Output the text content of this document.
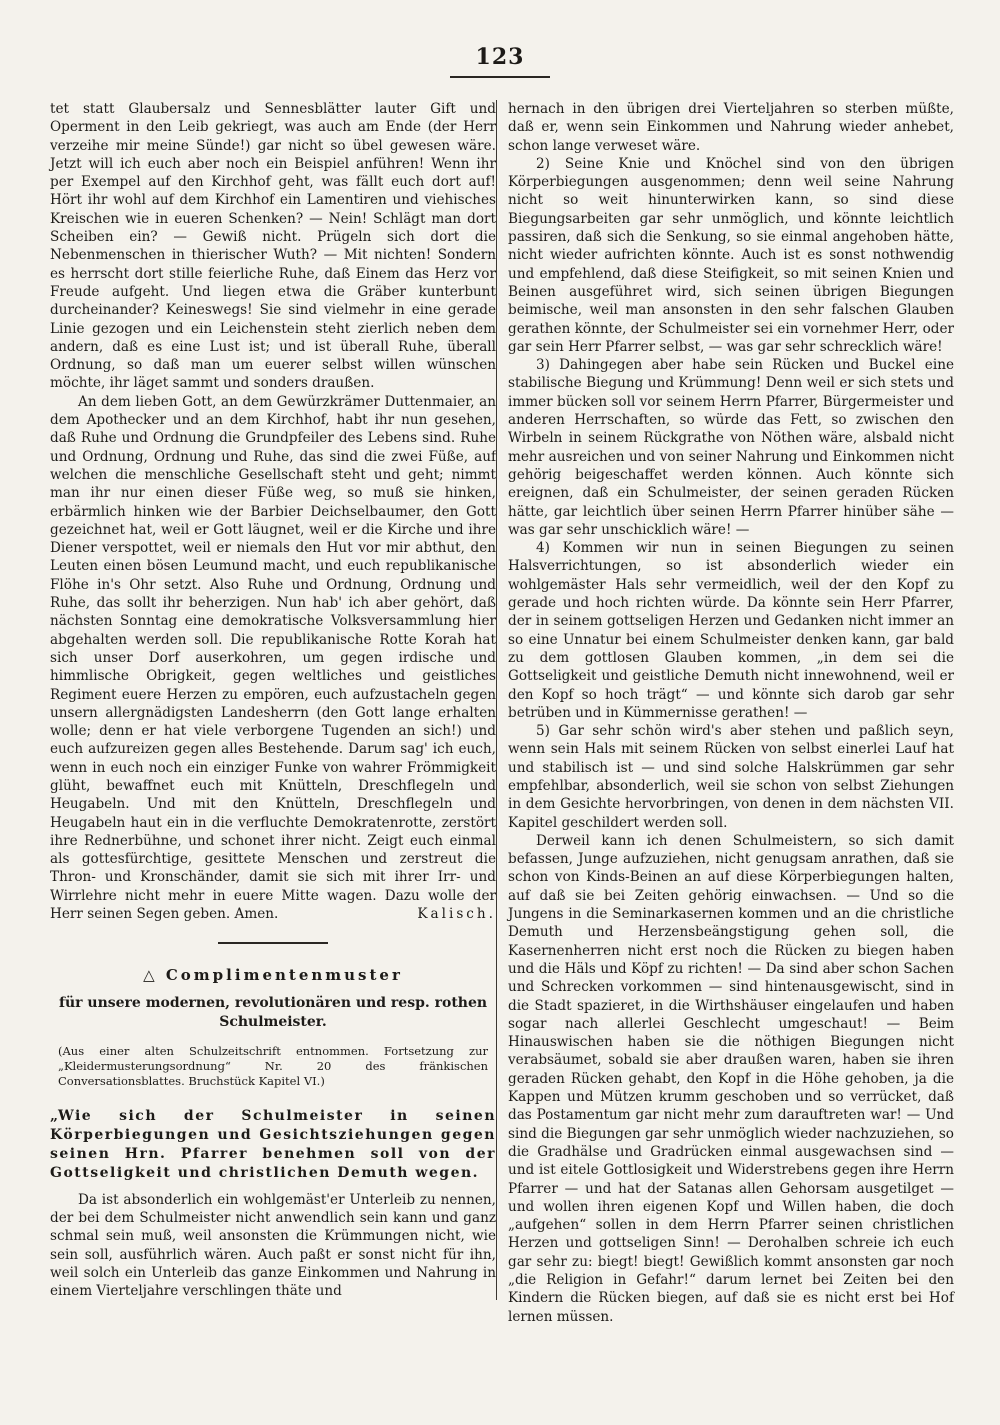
123

tet statt Glaubersalz und Sennesblätter lauter Gift und Operment in den Leib gekriegt, was auch am Ende (der Herr verzeihe mir meine Sünde!) gar nicht so übel gewesen wäre. Jetzt will ich euch aber noch ein Beispiel anführen! Wenn ihr per Exempel auf den Kirchhof geht, was fällt euch dort auf! Hört ihr wohl auf dem Kirchhof ein Lamentiren und viehisches Kreischen wie in eueren Schenken? — Nein! Schlägt man dort Scheiben ein? — Gewiß nicht. Prügeln sich dort die Nebenmenschen in thierischer Wuth? — Mit nichten! Sondern es herrscht dort stille feierliche Ruhe, daß Einem das Herz vor Freude aufgeht. Und liegen etwa die Gräber kunterbunt durcheinander? Keineswegs! Sie sind vielmehr in eine gerade Linie gezogen und ein Leichenstein steht zierlich neben dem andern, daß es eine Lust ist; und ist überall Ruhe, überall Ordnung, so daß man um euerer selbst willen wünschen möchte, ihr läget sammt und sonders draußen.

An dem lieben Gott, an dem Gewürzkrämer Duttenmaier, an dem Apothecker und an dem Kirchhof, habt ihr nun gesehen, daß Ruhe und Ordnung die Grundpfeiler des Lebens sind. Ruhe und Ordnung, Ordnung und Ruhe, das sind die zwei Füße, auf welchen die menschliche Gesellschaft steht und geht; nimmt man ihr nur einen dieser Füße weg, so muß sie hinken, erbärmlich hinken wie der Barbier Deichselbaumer, den Gott gezeichnet hat, weil er Gott läugnet, weil er die Kirche und ihre Diener verspottet, weil er niemals den Hut vor mir abthut, den Leuten einen bösen Leumund macht, und euch republikanische Flöhe in's Ohr setzt. Also Ruhe und Ordnung, Ordnung und Ruhe, das sollt ihr beherzigen. Nun hab' ich aber gehört, daß nächsten Sonntag eine demokratische Volksversammlung hier abgehalten werden soll. Die republikanische Rotte Korah hat sich unser Dorf auserkohren, um gegen irdische und himmlische Obrigkeit, gegen weltliches und geistliches Regiment euere Herzen zu empören, euch aufzustacheln gegen unsern allergnädigsten Landesherrn (den Gott lange erhalten wolle; denn er hat viele verborgene Tugenden an sich!) und euch aufzureizen gegen alles Bestehende. Darum sag' ich euch, wenn in euch noch ein einziger Funke von wahrer Frömmigkeit glüht, bewaffnet euch mit Knütteln, Dreschflegeln und Heugabeln. Und mit den Knütteln, Dreschflegeln und Heugabeln haut ein in die verfluchte Demokratenrotte, zerstört ihre Rednerbühne, und schonet ihrer nicht. Zeigt euch einmal als gottesfürchtige, gesittete Menschen und zerstreut die Thron- und Kronschänder, damit sie sich mit ihrer Irr- und Wirrlehre nicht mehr in euere Mitte wagen. Dazu wolle der Herr seinen Segen geben. Amen.	Kalisch.

△ Complimentenmuster
für unsere modernen, revolutionären und resp. rothen Schulmeister.
(Aus einer alten Schulzeitschrift entnommen. Fortsetzung zur „Kleidermusterungsordnung“ Nr. 20 des fränkischen Conversationsblattes. Bruchstück Kapitel VI.)
„Wie sich der Schulmeister in seinen Körperbiegungen und Gesichtsziehungen gegen seinen Hrn. Pfarrer benehmen soll von der Gottseligkeit und christlichen Demuth wegen.

Da ist absonderlich ein wohlgemäst'er Unterleib zu nennen, der bei dem Schulmeister nicht anwendlich sein kann und ganz schmal sein muß, weil ansonsten die Krümmungen nicht, wie sein soll, ausführlich wären. Auch paßt er sonst nicht für ihn, weil solch ein Unterleib das ganze Einkommen und Nahrung in einem Vierteljahre verschlingen thäte und

hernach in den übrigen drei Vierteljahren so sterben müßte, daß er, wenn sein Einkommen und Nahrung wieder anhebet, schon lange verweset wäre.

2) Seine Knie und Knöchel sind von den übrigen Körperbiegungen ausgenommen; denn weil seine Nahrung nicht so weit hinunterwirken kann, so sind diese Biegungsarbeiten gar sehr unmöglich, und könnte leichtlich passiren, daß sich die Senkung, so sie einmal angehoben hätte, nicht wieder aufrichten könnte. Auch ist es sonst nothwendig und empfehlend, daß diese Steifigkeit, so mit seinen Knien und Beinen ausgeführet wird, sich seinen übrigen Biegungen beimische, weil man ansonsten in den sehr falschen Glauben gerathen könnte, der Schulmeister sei ein vornehmer Herr, oder gar sein Herr Pfarrer selbst, — was gar sehr schrecklich wäre!

3) Dahingegen aber habe sein Rücken und Buckel eine stabilische Biegung und Krümmung! Denn weil er sich stets und immer bücken soll vor seinem Herrn Pfarrer, Bürgermeister und anderen Herrschaften, so würde das Fett, so zwischen den Wirbeln in seinem Rückgrathe von Nöthen wäre, alsbald nicht mehr ausreichen und von seiner Nahrung und Einkommen nicht gehörig beigeschaffet werden können. Auch könnte sich ereignen, daß ein Schulmeister, der seinen geraden Rücken hätte, gar leichtlich über seinen Herrn Pfarrer hinüber sähe — was gar sehr unschicklich wäre! —

4) Kommen wir nun in seinen Biegungen zu seinen Halsverrichtungen, so ist absonderlich wieder ein wohlgemäster Hals sehr vermeidlich, weil der den Kopf zu gerade und hoch richten würde. Da könnte sein Herr Pfarrer, der in seinem gottseligen Herzen und Gedanken nicht immer an so eine Unnatur bei einem Schulmeister denken kann, gar bald zu dem gottlosen Glauben kommen, „in dem sei die Gottseligkeit und geistliche Demuth nicht innewohnend, weil er den Kopf so hoch trägt“ — und könnte sich darob gar sehr betrüben und in Kümmernisse gerathen! —

5) Gar sehr schön wird's aber stehen und paßlich seyn, wenn sein Hals mit seinem Rücken von selbst einerlei Lauf hat und stabilisch ist — und sind solche Halskrümmen gar sehr empfehlbar, absonderlich, weil sie schon von selbst Ziehungen in dem Gesichte hervorbringen, von denen in dem nächsten VII. Kapitel geschildert werden soll.

Derweil kann ich denen Schulmeistern, so sich damit befassen, Junge aufzuziehen, nicht genugsam anrathen, daß sie schon von Kinds-Beinen an auf diese Körperbiegungen halten, auf daß sie bei Zeiten gehörig einwachsen. — Und so die Jungens in die Seminarkasernen kommen und an die christliche Demuth und Herzensbeängstigung gehen soll, die Kasernenherren nicht erst noch die Rücken zu biegen haben und die Häls und Köpf zu richten! — Da sind aber schon Sachen und Schrecken vorkommen — sind hintenausgewischt, sind in die Stadt spazieret, in die Wirthshäuser eingelaufen und haben sogar nach allerlei Geschlecht umgeschaut! — Beim Hinauswischen haben sie die nöthigen Biegungen nicht verabsäumet, sobald sie aber draußen waren, haben sie ihren geraden Rücken gehabt, den Kopf in die Höhe gehoben, ja die Kappen und Mützen krumm geschoben und so verrücket, daß das Postamentum gar nicht mehr zum darauftreten war! — Und sind die Biegungen gar sehr unmöglich wieder nachzuziehen, so die Gradhälse und Gradrücken einmal ausgewachsen sind — und ist eitele Gottlosigkeit und Widerstrebens gegen ihre Herrn Pfarrer — und hat der Satanas allen Gehorsam ausgetilget — und wollen ihren eigenen Kopf und Willen haben, die doch „aufgehen“ sollen in dem Herrn Pfarrer seinen christlichen Herzen und gottseligen Sinn! — Derohalben schreie ich euch gar sehr zu: biegt! biegt! Gewißlich kommt ansonsten gar noch „die Religion in Gefahr!“ darum lernet bei Zeiten bei den Kindern die Rücken biegen, auf daß sie es nicht erst bei Hof lernen müssen.
